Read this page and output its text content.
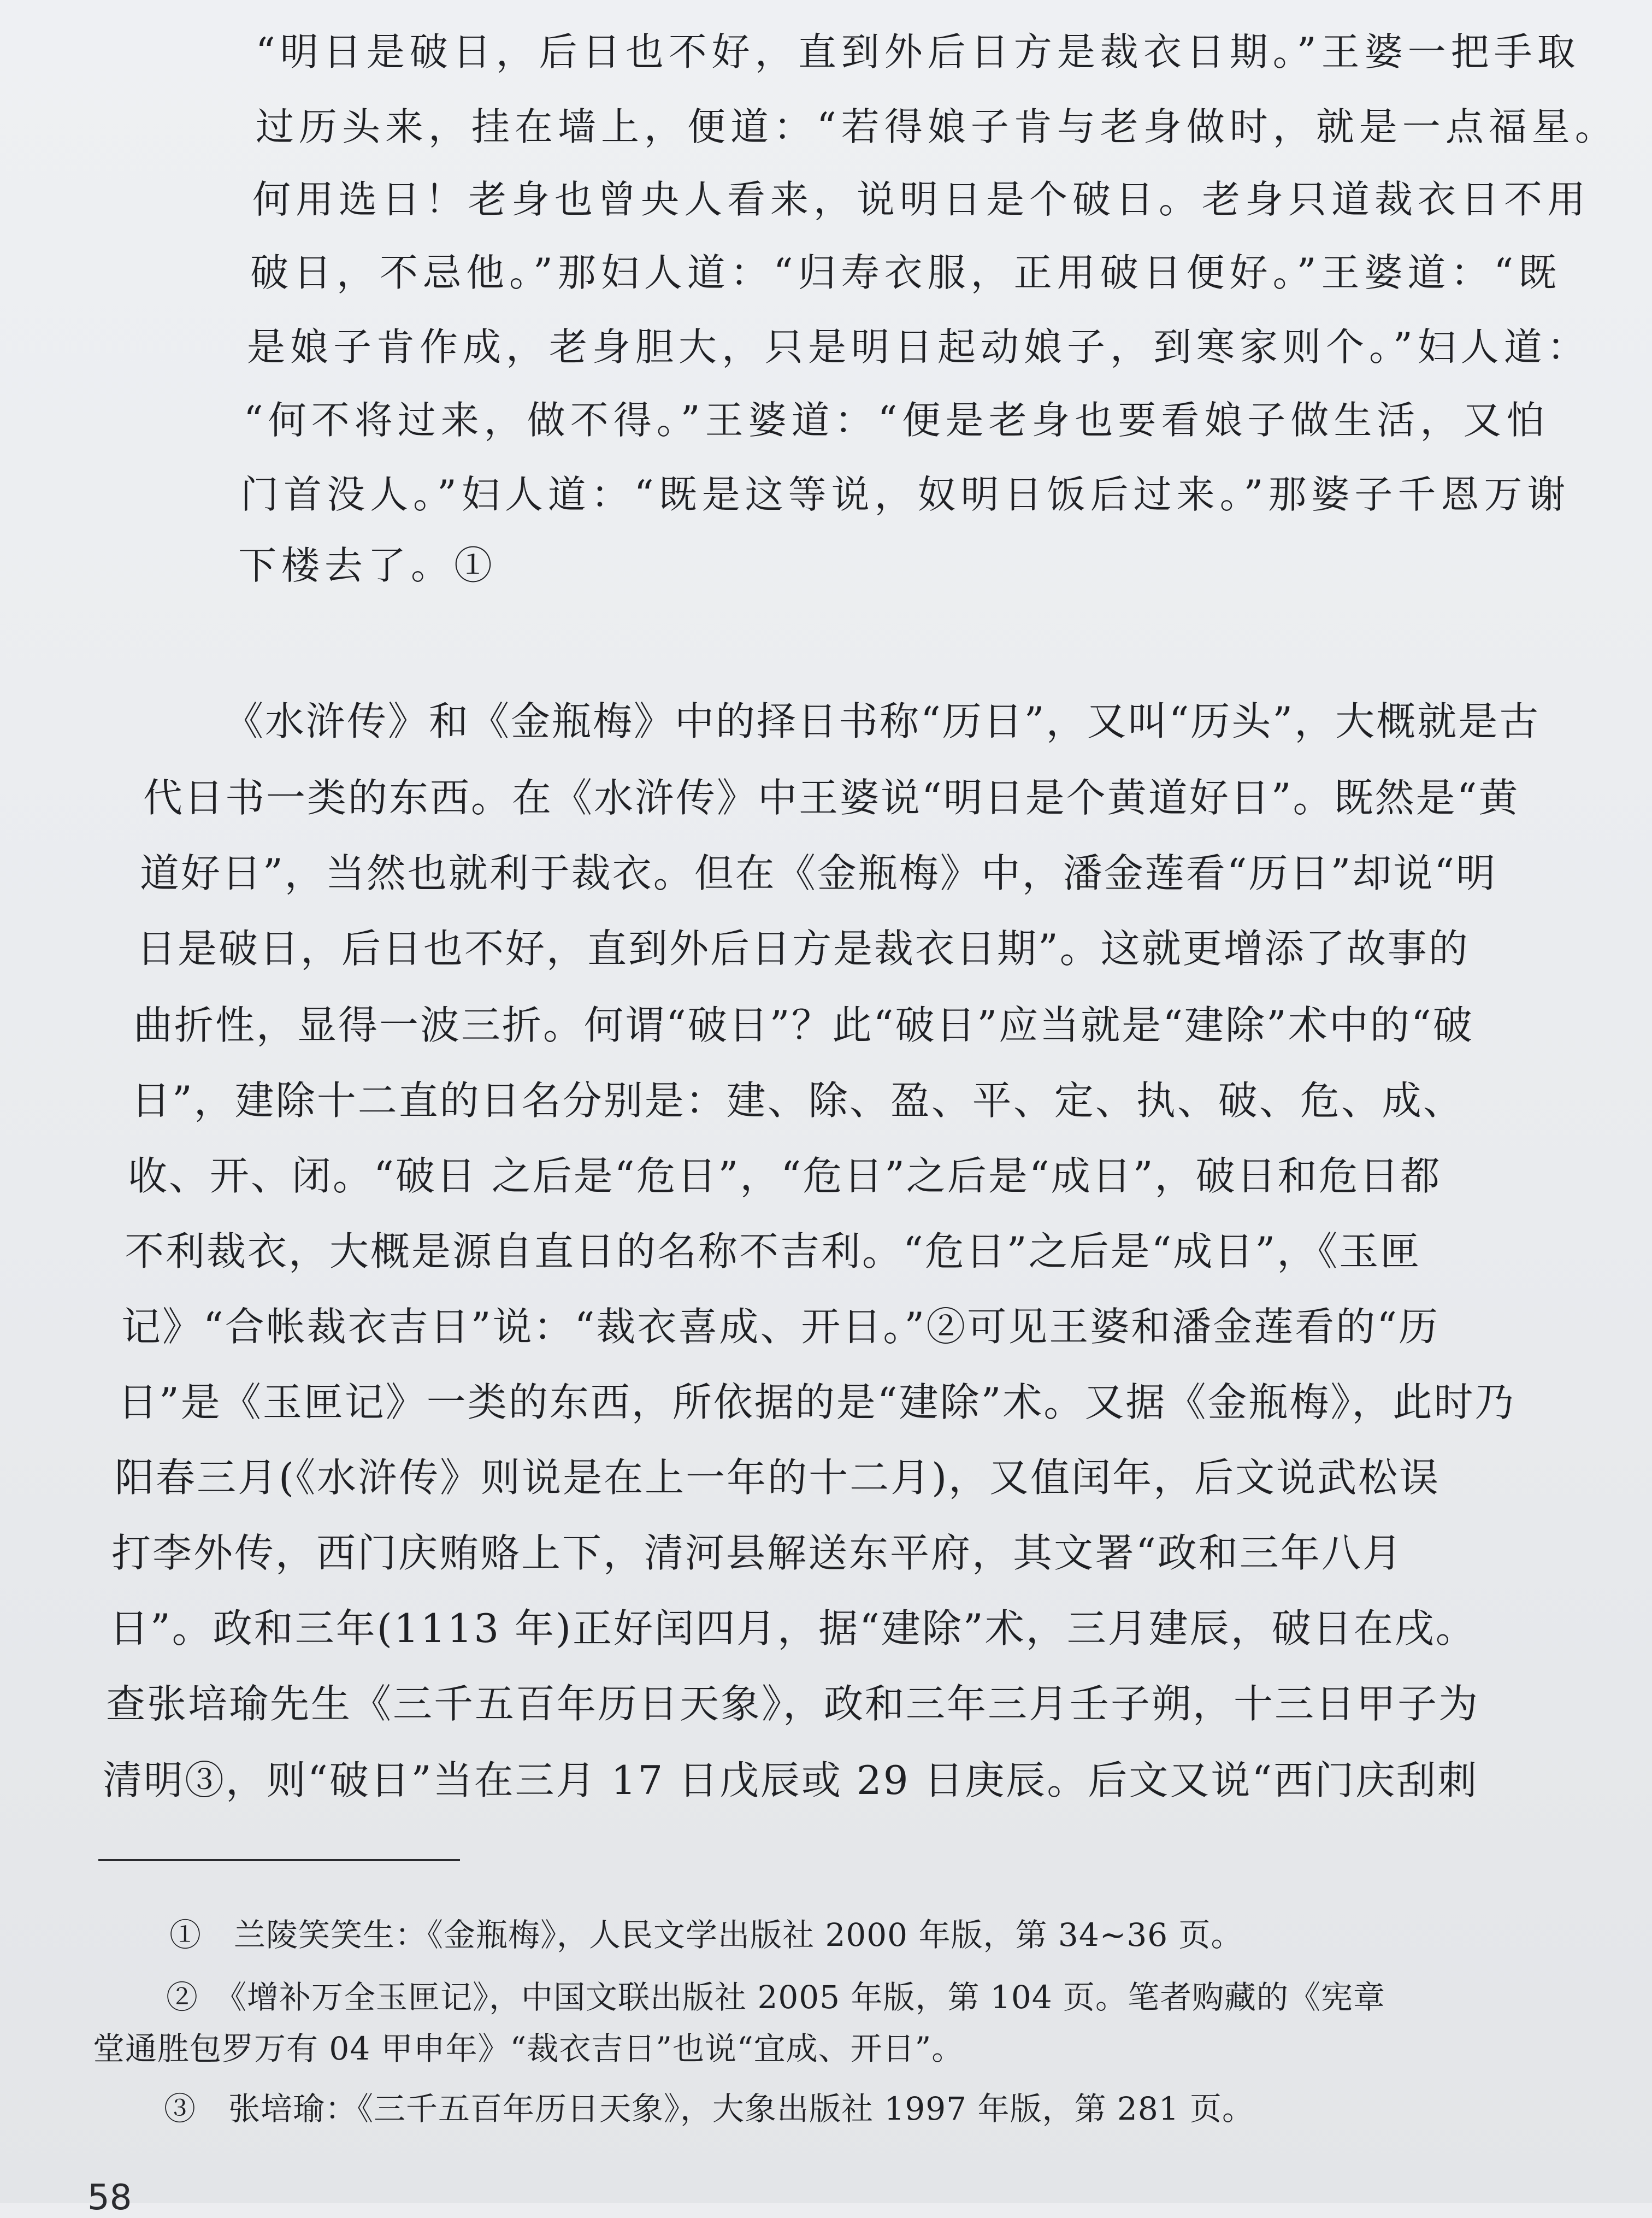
“明日是破日，后日也不好，直到外后日方是裁衣日期。”王婆一把手取
过历头来，挂在墙上，便道：“若得娘子肯与老身做时，就是一点福星。
何用选日！老身也曾央人看来，说明日是个破日。老身只道裁衣日不用
破日，不忌他。”那妇人道：“归寿衣服，正用破日便好。”王婆道：“既
是娘子肯作成，老身胆大，只是明日起动娘子，到寒家则个。”妇人道：
“何不将过来，做不得。”王婆道：“便是老身也要看娘子做生活，又怕
门首没人。”妇人道：“既是这等说，奴明日饭后过来。”那婆子千恩万谢
下楼去了。①
《水浒传》和《金瓶梅》中的择日书称“历日”，又叫“历头”，大概就是古
代日书一类的东西。在《水浒传》中王婆说“明日是个黄道好日”。既然是“黄
道好日”，当然也就利于裁衣。但在《金瓶梅》中，潘金莲看“历日”却说“明
日是破日，后日也不好，直到外后日方是裁衣日期”。这就更增添了故事的
曲折性，显得一波三折。何谓“破日”？此“破日”应当就是“建除”术中的“破
日”，建除十二直的日名分别是：建、除、盈、平、定、执、破、危、成、
收、开、闭。“破日 之后是“危日”，“危日”之后是“成日”，破日和危日都
不利裁衣，大概是源自直日的名称不吉利。“危日”之后是“成日”，《玉匣
记》“合帐裁衣吉日”说：“裁衣喜成、开日。”②可见王婆和潘金莲看的“历
日”是《玉匣记》一类的东西，所依据的是“建除”术。又据《金瓶梅》，此时乃
阳春三月(《水浒传》则说是在上一年的十二月)，又值闰年，后文说武松误
打李外传，西门庆贿赂上下，清河县解送东平府，其文署“政和三年八月
日”。政和三年(1113 年)正好闰四月，据“建除”术，三月建辰，破日在戌。
查张培瑜先生《三千五百年历日天象》，政和三年三月壬子朔，十三日甲子为
清明③，则“破日”当在三月 17 日戊辰或 29 日庚辰。后文又说“西门庆刮刺
①　兰陵笑笑生：《金瓶梅》，人民文学出版社 2000 年版，第 34~36 页。
②　《增补万全玉匣记》，中国文联出版社 2005 年版，第 104 页。笔者购藏的《宪章
堂通胜包罗万有 04 甲申年》“裁衣吉日”也说“宜成、开日”。
③　张培瑜：《三千五百年历日天象》，大象出版社 1997 年版，第 281 页。
58
